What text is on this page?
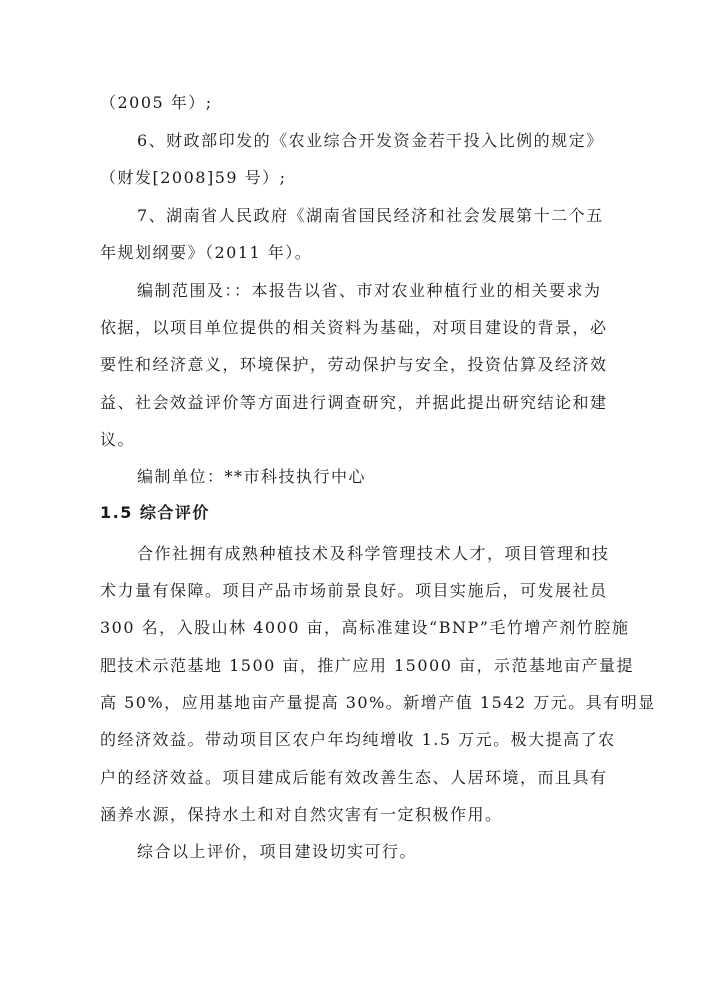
（2005 年）;
6、财政部印发的《农业综合开发资金若干投入比例的规定》
（财发[2008]59 号）;
7、湖南省人民政府《湖南省国民经济和社会发展第十二个五
年规划纲要》（2011 年）。
编制范围及：：本报告以省、市对农业种植行业的相关要求为
依据，以项目单位提供的相关资料为基础，对项目建设的背景，必
要性和经济意义，环境保护，劳动保护与安全，投资估算及经济效
益、社会效益评价等方面进行调查研究，并据此提出研究结论和建
议。
编制单位：**市科技执行中心
1.5 综合评价
合作社拥有成熟种植技术及科学管理技术人才，项目管理和技
术力量有保障。项目产品市场前景良好。项目实施后，可发展社员
300 名，入股山林 4000 亩，高标准建设“BNP”毛竹增产剂竹腔施
肥技术示范基地 1500 亩，推广应用 15000 亩，示范基地亩产量提
高 50%，应用基地亩产量提高 30%。新增产值 1542 万元。具有明显
的经济效益。带动项目区农户年均纯增收 1.5 万元。极大提高了农
户的经济效益。项目建成后能有效改善生态、人居环境，而且具有
涵养水源，保持水土和对自然灾害有一定积极作用。
综合以上评价，项目建设切实可行。
